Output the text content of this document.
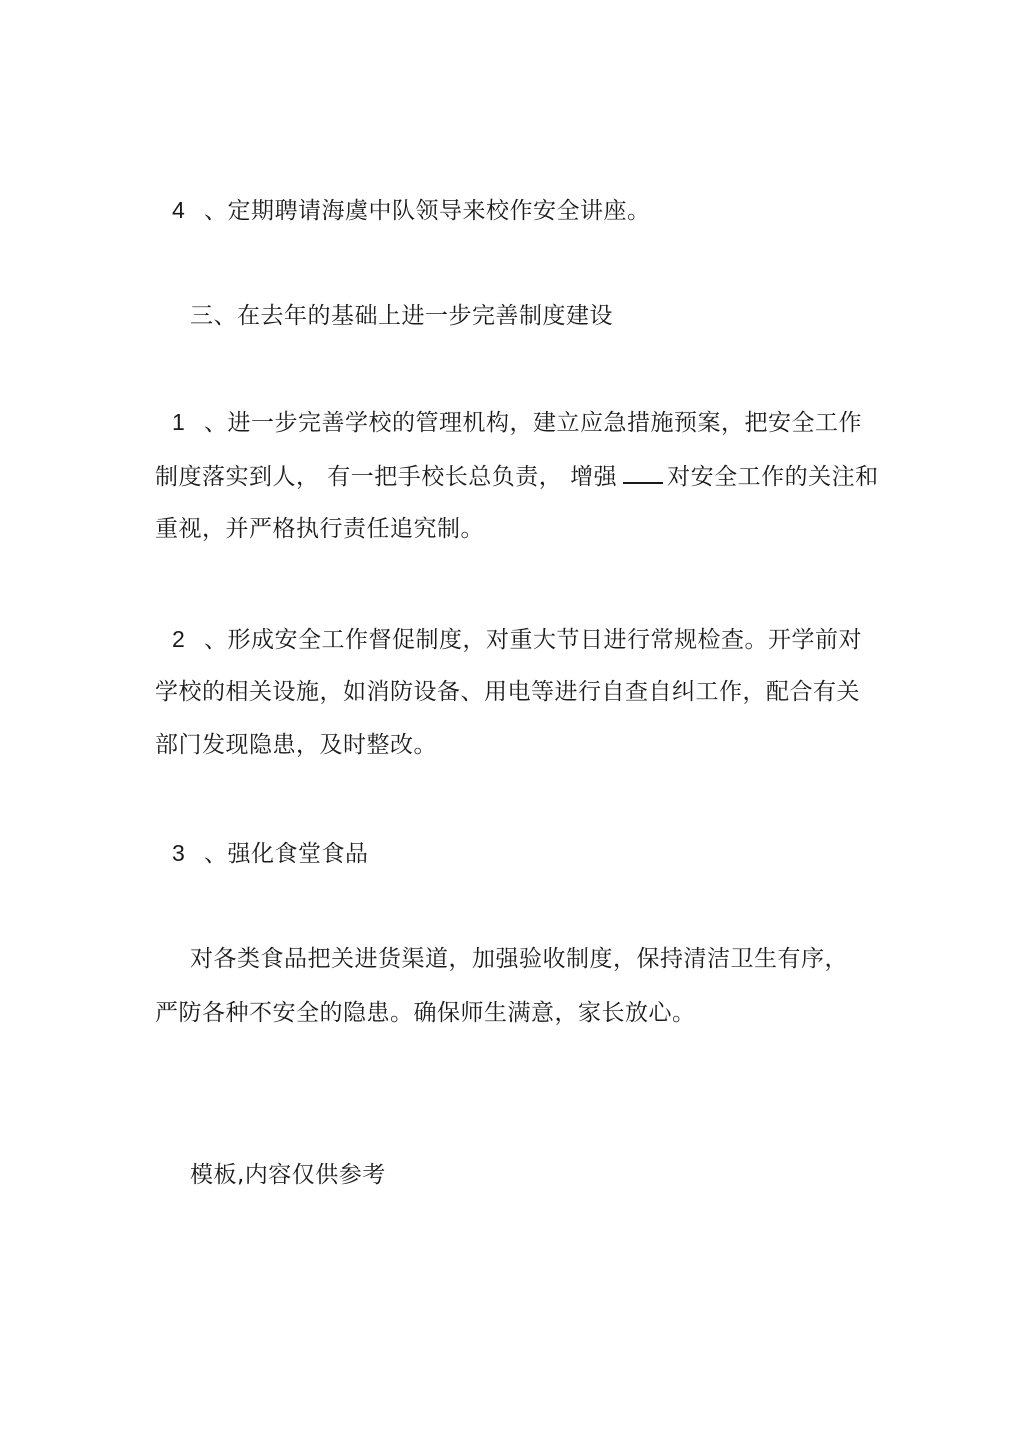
4 、定期聘请海虞中队领导来校作安全讲座。
三、在去年的基础上进一步完善制度建设
1 、进一步完善学校的管理机构，建立应急措施预案，把安全工作
制度落实到人， 有一把手校长总负责， 增强 对安全工作的关注和
重视，并严格执行责任追究制。
2 、形成安全工作督促制度，对重大节日进行常规检查。开学前对
学校的相关设施，如消防设备、用电等进行自查自纠工作，配合有关
部门发现隐患，及时整改。
3 、强化食堂食品
对各类食品把关进货渠道，加强验收制度，保持清洁卫生有序，
严防各种不安全的隐患。确保师生满意，家长放心。
模板,内容仅供参考
